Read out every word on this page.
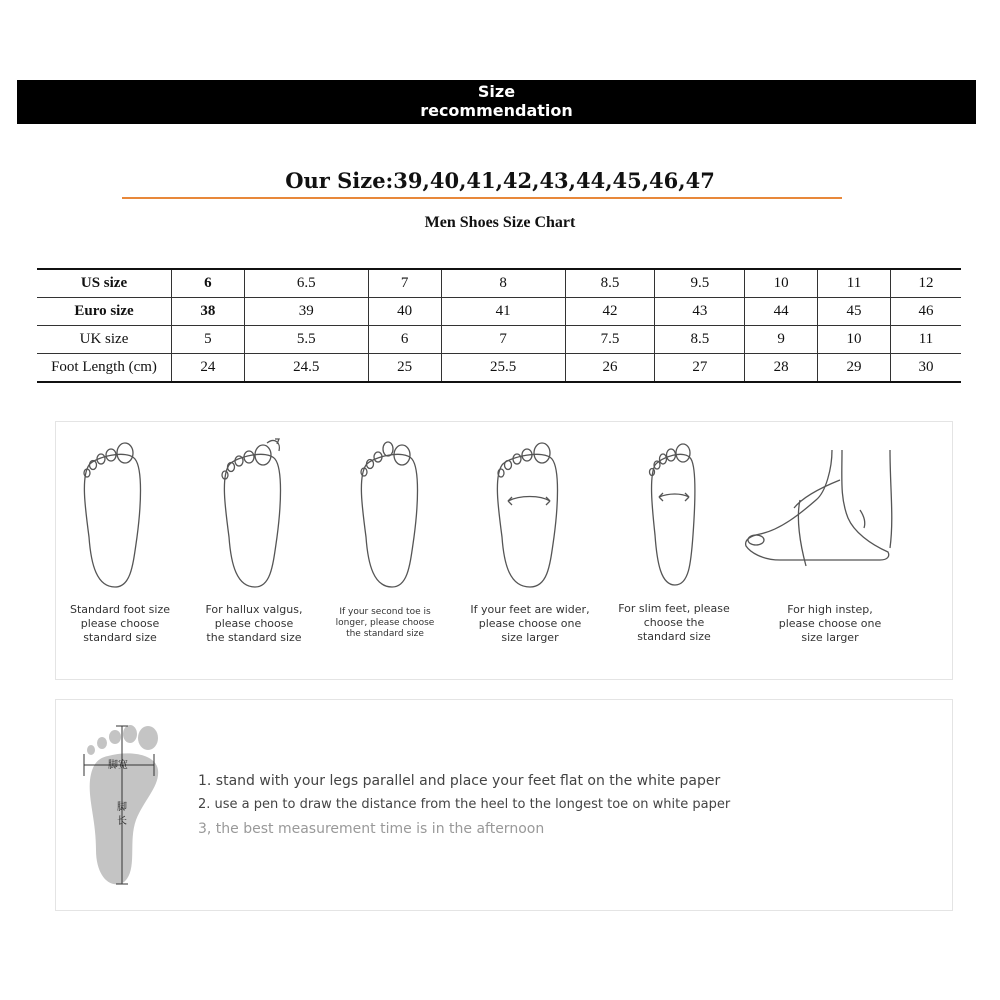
Size
recommendation
Our Size:39,40,41,42,43,44,45,46,47
Men Shoes Size Chart
US size	6	6.5	7	8	8.5	9.5	10	11	12
Euro size	38	39	40	41	42	43	44	45	46
UK size	5	5.5	6	7	7.5	8.5	9	10	11
Foot Length (cm)	24	24.5	25	25.5	26	27	28	29	30
Standard foot size
please choose
standard size
For hallux valgus,
please choose
the standard size
If your second toe is
longer, please choose
the standard size
If your feet are wider,
please choose one
size larger
For slim feet, please
choose the
standard size
For high instep,
please choose one
size larger
脚宽
脚
长
1. stand with your legs parallel and place your feet flat on the white paper
2. use a pen to draw the distance from the heel to the longest toe on white paper
3, the best measurement time is in the afternoon
